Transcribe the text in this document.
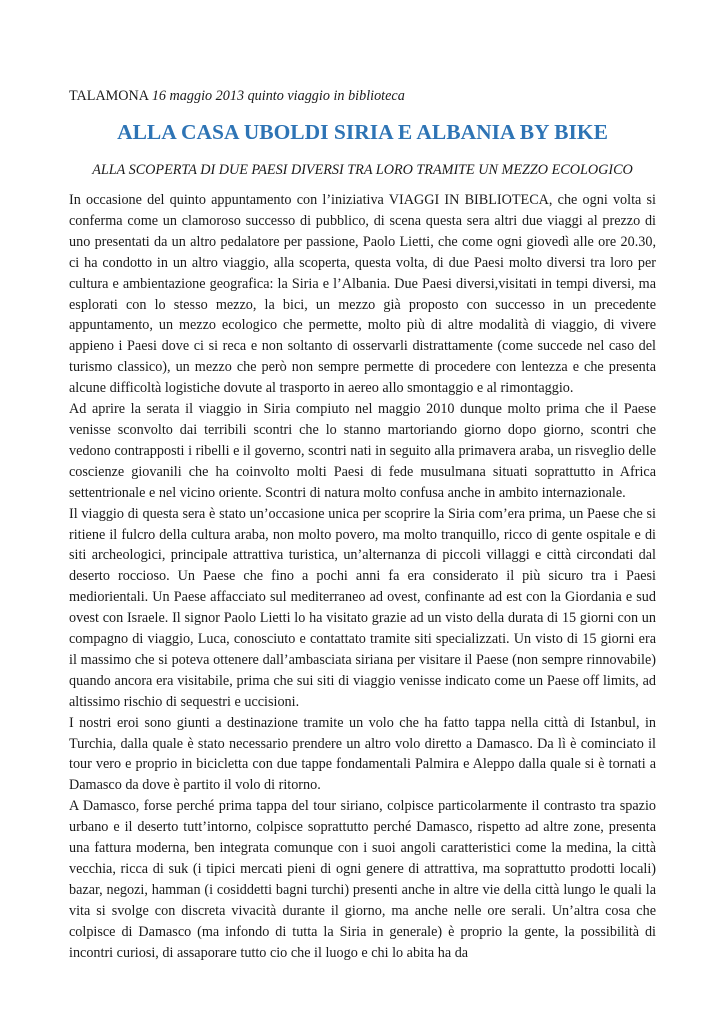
TALAMONA 16 maggio 2013 quinto viaggio in biblioteca

ALLA CASA UBOLDI SIRIA E ALBANIA BY BIKE

ALLA SCOPERTA DI DUE PAESI DIVERSI TRA LORO TRAMITE UN MEZZO ECOLOGICO

In occasione del quinto appuntamento con l’iniziativa VIAGGI IN BIBLIOTECA, che ogni volta si conferma come un clamoroso successo di pubblico, di scena questa sera altri due viaggi al prezzo di uno presentati da un altro pedalatore per passione, Paolo Lietti, che come ogni giovedì alle ore 20.30, ci ha condotto in un altro viaggio, alla scoperta, questa volta, di due Paesi molto diversi tra loro per cultura e ambientazione geografica: la Siria e l’Albania. Due Paesi diversi,visitati in tempi diversi, ma esplorati con lo stesso mezzo, la bici, un mezzo già proposto con successo in un precedente appuntamento, un mezzo ecologico che permette, molto più di altre modalità di viaggio, di vivere appieno i Paesi dove ci si reca e non soltanto di osservarli distrattamente (come succede nel caso del turismo classico), un mezzo che però non sempre permette di procedere con lentezza e che presenta alcune difficoltà logistiche dovute al trasporto in aereo allo smontaggio e al rimontaggio.

Ad aprire la serata il viaggio in Siria compiuto nel maggio 2010 dunque molto prima che il Paese venisse sconvolto dai terribili scontri che lo stanno martoriando giorno dopo giorno, scontri che vedono contrapposti i ribelli e il governo, scontri nati in seguito alla primavera araba, un risveglio delle coscienze giovanili che ha coinvolto molti Paesi di fede musulmana situati soprattutto in Africa settentrionale e nel vicino oriente. Scontri di natura molto confusa anche in ambito internazionale.

Il viaggio di questa sera è stato un’occasione unica per scoprire la Siria com’era prima, un Paese che si ritiene il fulcro della cultura araba, non molto povero, ma molto tranquillo, ricco di gente ospitale e di siti archeologici, principale attrattiva turistica, un’alternanza di piccoli villaggi e città circondati dal deserto roccioso. Un Paese che fino a pochi anni fa era considerato il più sicuro tra i Paesi mediorientali. Un Paese affacciato sul mediterraneo ad ovest, confinante ad est con la Giordania e sud ovest con Israele. Il signor Paolo Lietti lo ha visitato grazie ad un visto della durata di 15 giorni con un compagno di viaggio, Luca, conosciuto e contattato tramite siti specializzati. Un visto di 15 giorni era il massimo che si poteva ottenere dall’ambasciata siriana per visitare il Paese (non sempre rinnovabile) quando ancora era visitabile, prima che sui siti di viaggio venisse indicato come un Paese off limits, ad altissimo rischio di sequestri e uccisioni.

I nostri eroi sono giunti a destinazione tramite un volo che ha fatto tappa nella città di Istanbul, in Turchia, dalla quale è stato necessario prendere un altro volo diretto a Damasco. Da lì è cominciato il tour vero e proprio in bicicletta con due tappe fondamentali Palmira e Aleppo dalla quale si è tornati a Damasco da dove è partito il volo di ritorno.

A Damasco, forse perché prima tappa del tour siriano, colpisce particolarmente il contrasto tra spazio urbano e il deserto tutt’intorno, colpisce soprattutto perché Damasco, rispetto ad altre zone, presenta una fattura moderna, ben integrata comunque con i suoi angoli caratteristici come la medina, la città vecchia, ricca di suk (i tipici mercati pieni di ogni genere di attrattiva, ma soprattutto prodotti locali) bazar, negozi, hamman (i cosiddetti bagni turchi) presenti anche in altre vie della città lungo le quali la vita si svolge con discreta vivacità durante il giorno, ma anche nelle ore serali. Un’altra cosa che colpisce di Damasco (ma infondo di tutta la Siria in generale) è proprio la gente, la possibilità di incontri curiosi, di assaporare tutto cio che il luogo e chi lo abita ha da
